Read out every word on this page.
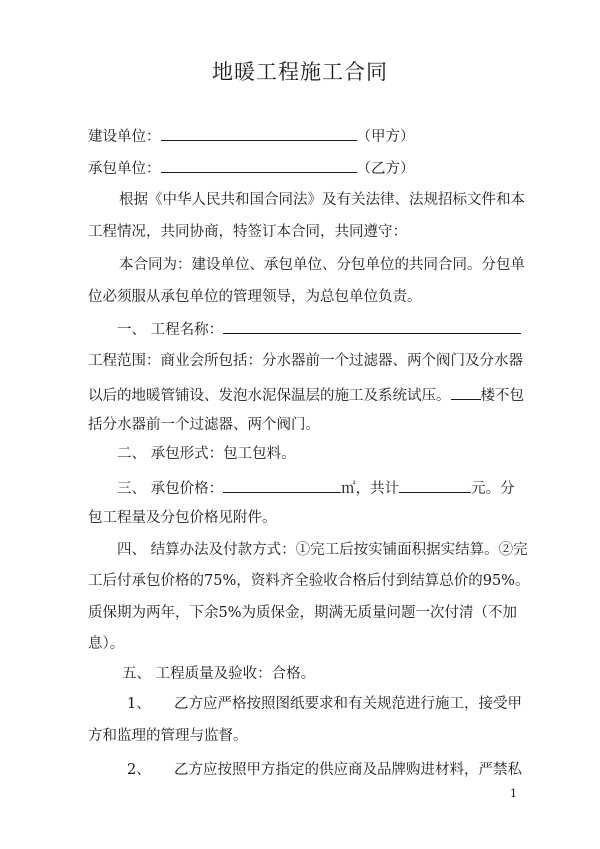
地暖工程施工合同
建设单位：	（甲方）
承包单位：	（乙方）
根据《中华人民共和国合同法》及有关法律、法规招标文件和本
工程情况，共同协商，特签订本合同，共同遵守：
本合同为：建设单位、承包单位、分包单位的共同合同。分包单
位必须服从承包单位的管理领导，为总包单位负责。
一、 工程名称：
工程范围：商业会所包括：分水器前一个过滤器、两个阀门及分水器
以后的地暖管铺设、发泡水泥保温层的施工及系统试压。 楼不包
括分水器前一个过滤器、两个阀门。
二、 承包形式：包工包料。
三、 承包价格：	㎡，共计	元。分
包工程量及分包价格见附件。
四、 结算办法及付款方式：①完工后按实铺面积据实结算。②完
工后付承包价格的75%，资料齐全验收合格后付到结算总价的95%。
质保期为两年，下余5%为质保金，期满无质量问题一次付清（不加
息）。
五、 工程质量及验收：合格。
1、 乙方应严格按照图纸要求和有关规范进行施工，接受甲
方和监理的管理与监督。
2、 乙方应按照甲方指定的供应商及品牌购进材料，严禁私
1
